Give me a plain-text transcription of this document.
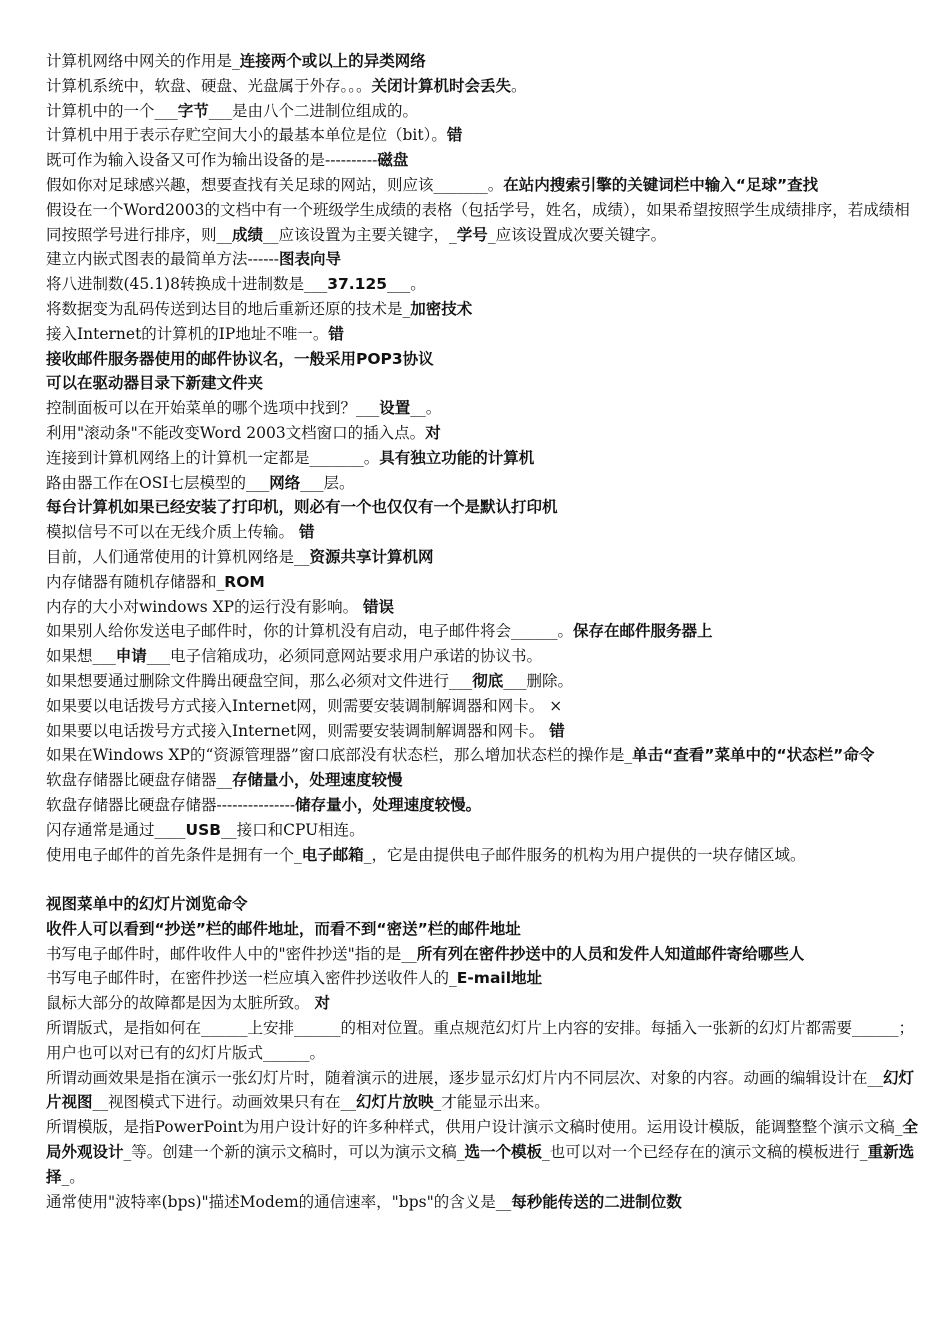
计算机网络中网关的作用是_连接两个或以上的异类网络

计算机系统中，软盘、硬盘、光盘属于外存。。。关闭计算机时会丢失。

计算机中的一个___字节___是由八个二进制位组成的。

计算机中用于表示存贮空间大小的最基本单位是位（bit）。错

既可作为输入设备又可作为输出设备的是----------磁盘

假如你对足球感兴趣，想要查找有关足球的网站，则应该_______。在站内搜索引擎的关键词栏中输入“足球”查找

假设在一个Word2003的文档中有一个班级学生成绩的表格（包括学号，姓名，成绩），如果希望按照学生成绩排序，若成绩相同按照学号进行排序，则__成绩__应该设置为主要关键字，_学号_应该设置成次要关键字。

建立内嵌式图表的最简单方法------图表向导

将八进制数(45.1)8转换成十进制数是___37.125___。

将数据变为乱码传送到达目的地后重新还原的技术是_加密技术

接入Internet的计算机的IP地址不唯一。错

接收邮件服务器使用的邮件协议名，一般采用POP3协议

可以在驱动器目录下新建文件夹

控制面板可以在开始菜单的哪个选项中找到？___设置__。

利用"滚动条"不能改变Word 2003文档窗口的插入点。对

连接到计算机网络上的计算机一定都是_______。具有独立功能的计算机

路由器工作在OSI七层模型的___网络___层。

每台计算机如果已经安装了打印机，则必有一个也仅仅有一个是默认打印机

模拟信号不可以在无线介质上传输。 错

目前，人们通常使用的计算机网络是__资源共享计算机网

内存储器有随机存储器和_ROM

内存的大小对windows XP的运行没有影响。 错误

如果别人给你发送电子邮件时，你的计算机没有启动，电子邮件将会______。保存在邮件服务器上

如果想___申请___电子信箱成功，必须同意网站要求用户承诺的协议书。

如果想要通过删除文件腾出硬盘空间，那么必须对文件进行___彻底___删除。

如果要以电话拨号方式接入Internet网，则需要安装调制解调器和网卡。 ×

如果要以电话拨号方式接入Internet网，则需要安装调制解调器和网卡。 错

如果在Windows XP的“资源管理器”窗口底部没有状态栏，那么增加状态栏的操作是_单击“查看”菜单中的“状态栏”命令

软盘存储器比硬盘存储器__存储量小，处理速度较慢

软盘存储器比硬盘存储器---------------储存量小，处理速度较慢。

闪存通常是通过____USB__接口和CPU相连。

使用电子邮件的首先条件是拥有一个_电子邮箱_，它是由提供电子邮件服务的机构为用户提供的一块存储区域。

视图菜单中的幻灯片浏览命令

收件人可以看到“抄送”栏的邮件地址，而看不到“密送”栏的邮件地址

书写电子邮件时，邮件收件人中的"密件抄送"指的是__所有列在密件抄送中的人员和发件人知道邮件寄给哪些人

书写电子邮件时，在密件抄送一栏应填入密件抄送收件人的_E-mail地址

鼠标大部分的故障都是因为太脏所致。 对

所谓版式，是指如何在______上安排______的相对位置。重点规范幻灯片上内容的安排。每插入一张新的幻灯片都需要______；用户也可以对已有的幻灯片版式______。

所谓动画效果是指在演示一张幻灯片时，随着演示的进展，逐步显示幻灯片内不同层次、对象的内容。动画的编辑设计在__幻灯片视图__视图模式下进行。动画效果只有在__幻灯片放映_才能显示出来。

所谓模版，是指PowerPoint为用户设计好的许多种样式，供用户设计演示文稿时使用。运用设计模版，能调整整个演示文稿_全局外观设计_等。创建一个新的演示文稿时，可以为演示文稿_选一个模板_也可以对一个已经存在的演示文稿的模板进行_重新选择_。

通常使用"波特率(bps)"描述Modem的通信速率，"bps"的含义是__每秒能传送的二进制位数
